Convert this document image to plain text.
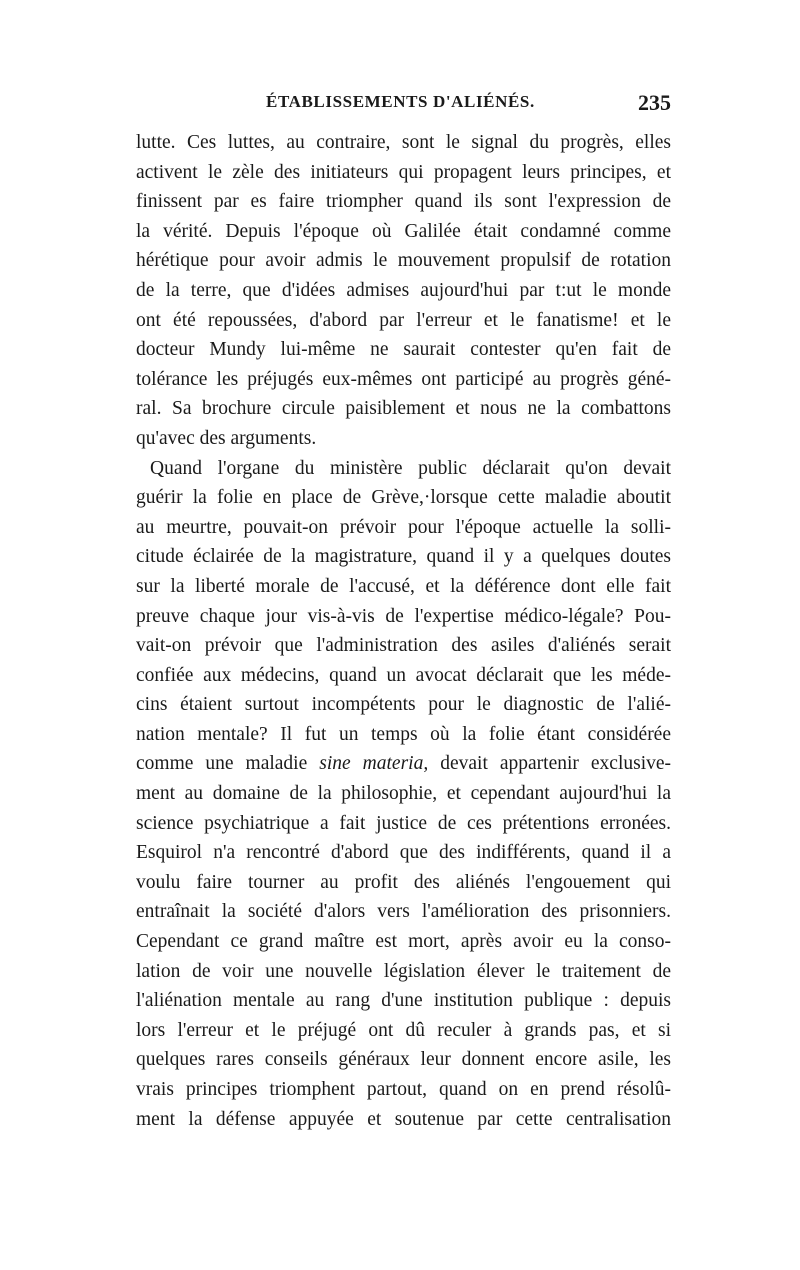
ÉTABLISSEMENTS D'ALIÉNÉS.	235
lutte. Ces luttes, au contraire, sont le signal du progrès, elles
activent le zèle des initiateurs qui propagent leurs principes, et
finissent par es faire triompher quand ils sont l'expression de
la vérité. Depuis l'époque où Galilée était condamné comme
hérétique pour avoir admis le mouvement propulsif de rotation
de la terre, que d'idées admises aujourd'hui par t:ut le monde
ont été repoussées, d'abord par l'erreur et le fanatisme! et le
docteur Mundy lui-même ne saurait contester qu'en fait de
tolérance les préjugés eux-mêmes ont participé au progrès géné-
ral. Sa brochure circule paisiblement et nous ne la combattons
qu'avec des arguments.
Quand l'organe du ministère public déclarait qu'on devait
guérir la folie en place de Grève,·lorsque cette maladie aboutit
au meurtre, pouvait-on prévoir pour l'époque actuelle la solli-
citude éclairée de la magistrature, quand il y a quelques doutes
sur la liberté morale de l'accusé, et la déférence dont elle fait
preuve chaque jour vis-à-vis de l'expertise médico-légale? Pou-
vait-on prévoir que l'administration des asiles d'aliénés serait
confiée aux médecins, quand un avocat déclarait que les méde-
cins étaient surtout incompétents pour le diagnostic de l'alié-
nation mentale? Il fut un temps où la folie étant considérée
comme une maladie sine materia, devait appartenir exclusive-
ment au domaine de la philosophie, et cependant aujourd'hui la
science psychiatrique a fait justice de ces prétentions erronées.
Esquirol n'a rencontré d'abord que des indifférents, quand il a
voulu faire tourner au profit des aliénés l'engouement qui
entraînait la société d'alors vers l'amélioration des prisonniers.
Cependant ce grand maître est mort, après avoir eu la conso-
lation de voir une nouvelle législation élever le traitement de
l'aliénation mentale au rang d'une institution publique : depuis
lors l'erreur et le préjugé ont dû reculer à grands pas, et si
quelques rares conseils généraux leur donnent encore asile, les
vrais principes triomphent partout, quand on en prend résolû-
ment la défense appuyée et soutenue par cette centralisation
